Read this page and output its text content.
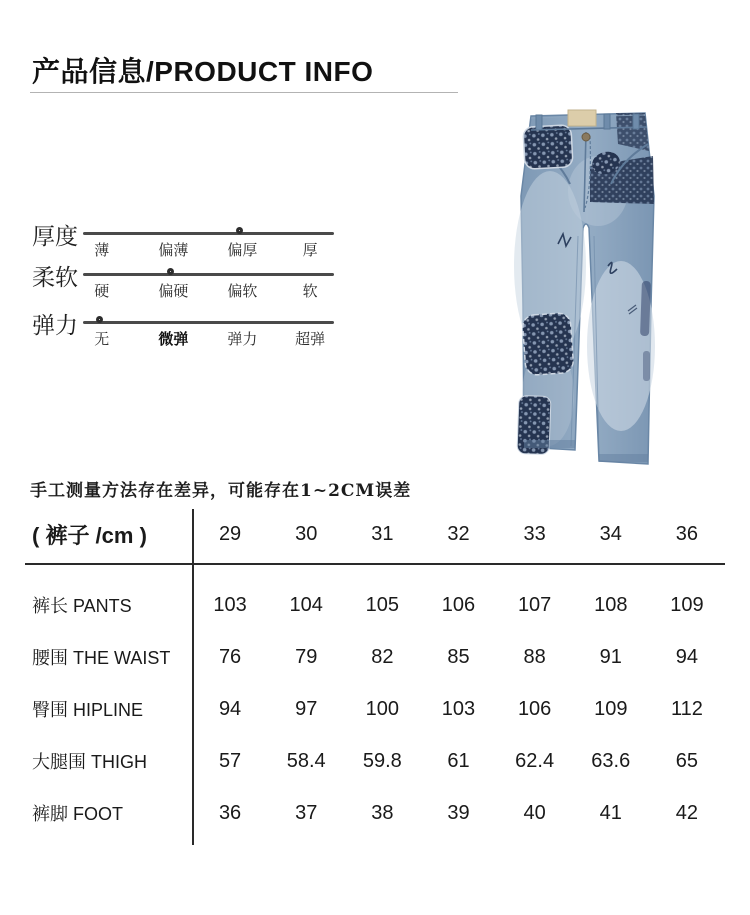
产品信息/PRODUCT INFO
厚度
薄	偏薄	偏厚	厚
柔软
硬	偏硬	偏软	软
弹力
无	微弹	弹力	超弹
手工测量方法存在差异，可能存在1~2CM误差
( 裤子 /cm )	29	30	31	32	33	34	36
裤长 PANTS	103	104	105	106	107	108	109
腰围 THE WAIST	76	79	82	85	88	91	94
臀围 HIPLINE	94	97	100	103	106	109	112
大腿围 THIGH	57	58.4	59.8	61	62.4	63.6	65
裤脚 FOOT	36	37	38	39	40	41	42
